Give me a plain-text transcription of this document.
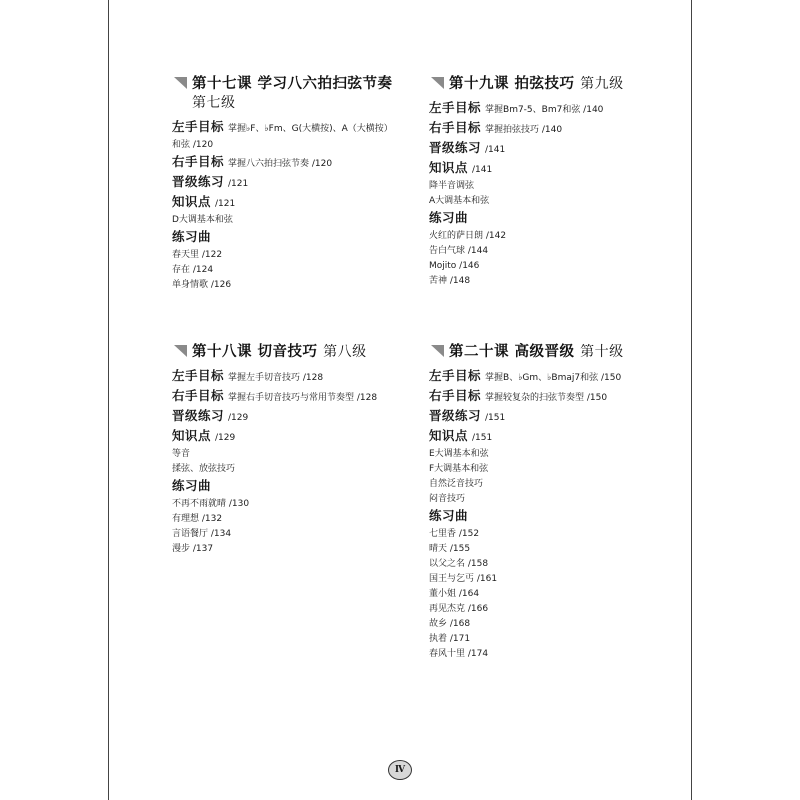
第十七课 学习八六拍扫弦节奏 第七级
左手目标 掌握♭F、♭Fm、G(大横按)、A（大横按）
和弦 /120
右手目标 掌握八六拍扫弦节奏 /120
晋级练习 /121
知识点 /121
D大调基本和弦
练习曲
春天里 /122
存在 /124
单身情歌 /126
第十九课 拍弦技巧 第九级
左手目标 掌握Bm7-5、Bm7和弦 /140
右手目标 掌握拍弦技巧 /140
晋级练习 /141
知识点 /141
降半音调弦
A大调基本和弦
练习曲
火红的萨日朗 /142
告白气球 /144
Mojito /146
苦神 /148
第十八课 切音技巧 第八级
左手目标 掌握左手切音技巧 /128
右手目标 掌握右手切音技巧与常用节奏型 /128
晋级练习 /129
知识点 /129
等音
揉弦、放弦技巧
练习曲
不再不雨就晴 /130
有理想 /132
言语餐厅 /134
漫步 /137
第二十课 高级晋级 第十级
左手目标 掌握B、♭Gm、♭Bmaj7和弦 /150
右手目标 掌握较复杂的扫弦节奏型 /150
晋级练习 /151
知识点 /151
E大调基本和弦
F大调基本和弦
自然泛音技巧
闷音技巧
练习曲
七里香 /152
晴天 /155
以父之名 /158
国王与乞丐 /161
董小姐 /164
再见杰克 /166
故乡 /168
执着 /171
春风十里 /174
Ⅳ
